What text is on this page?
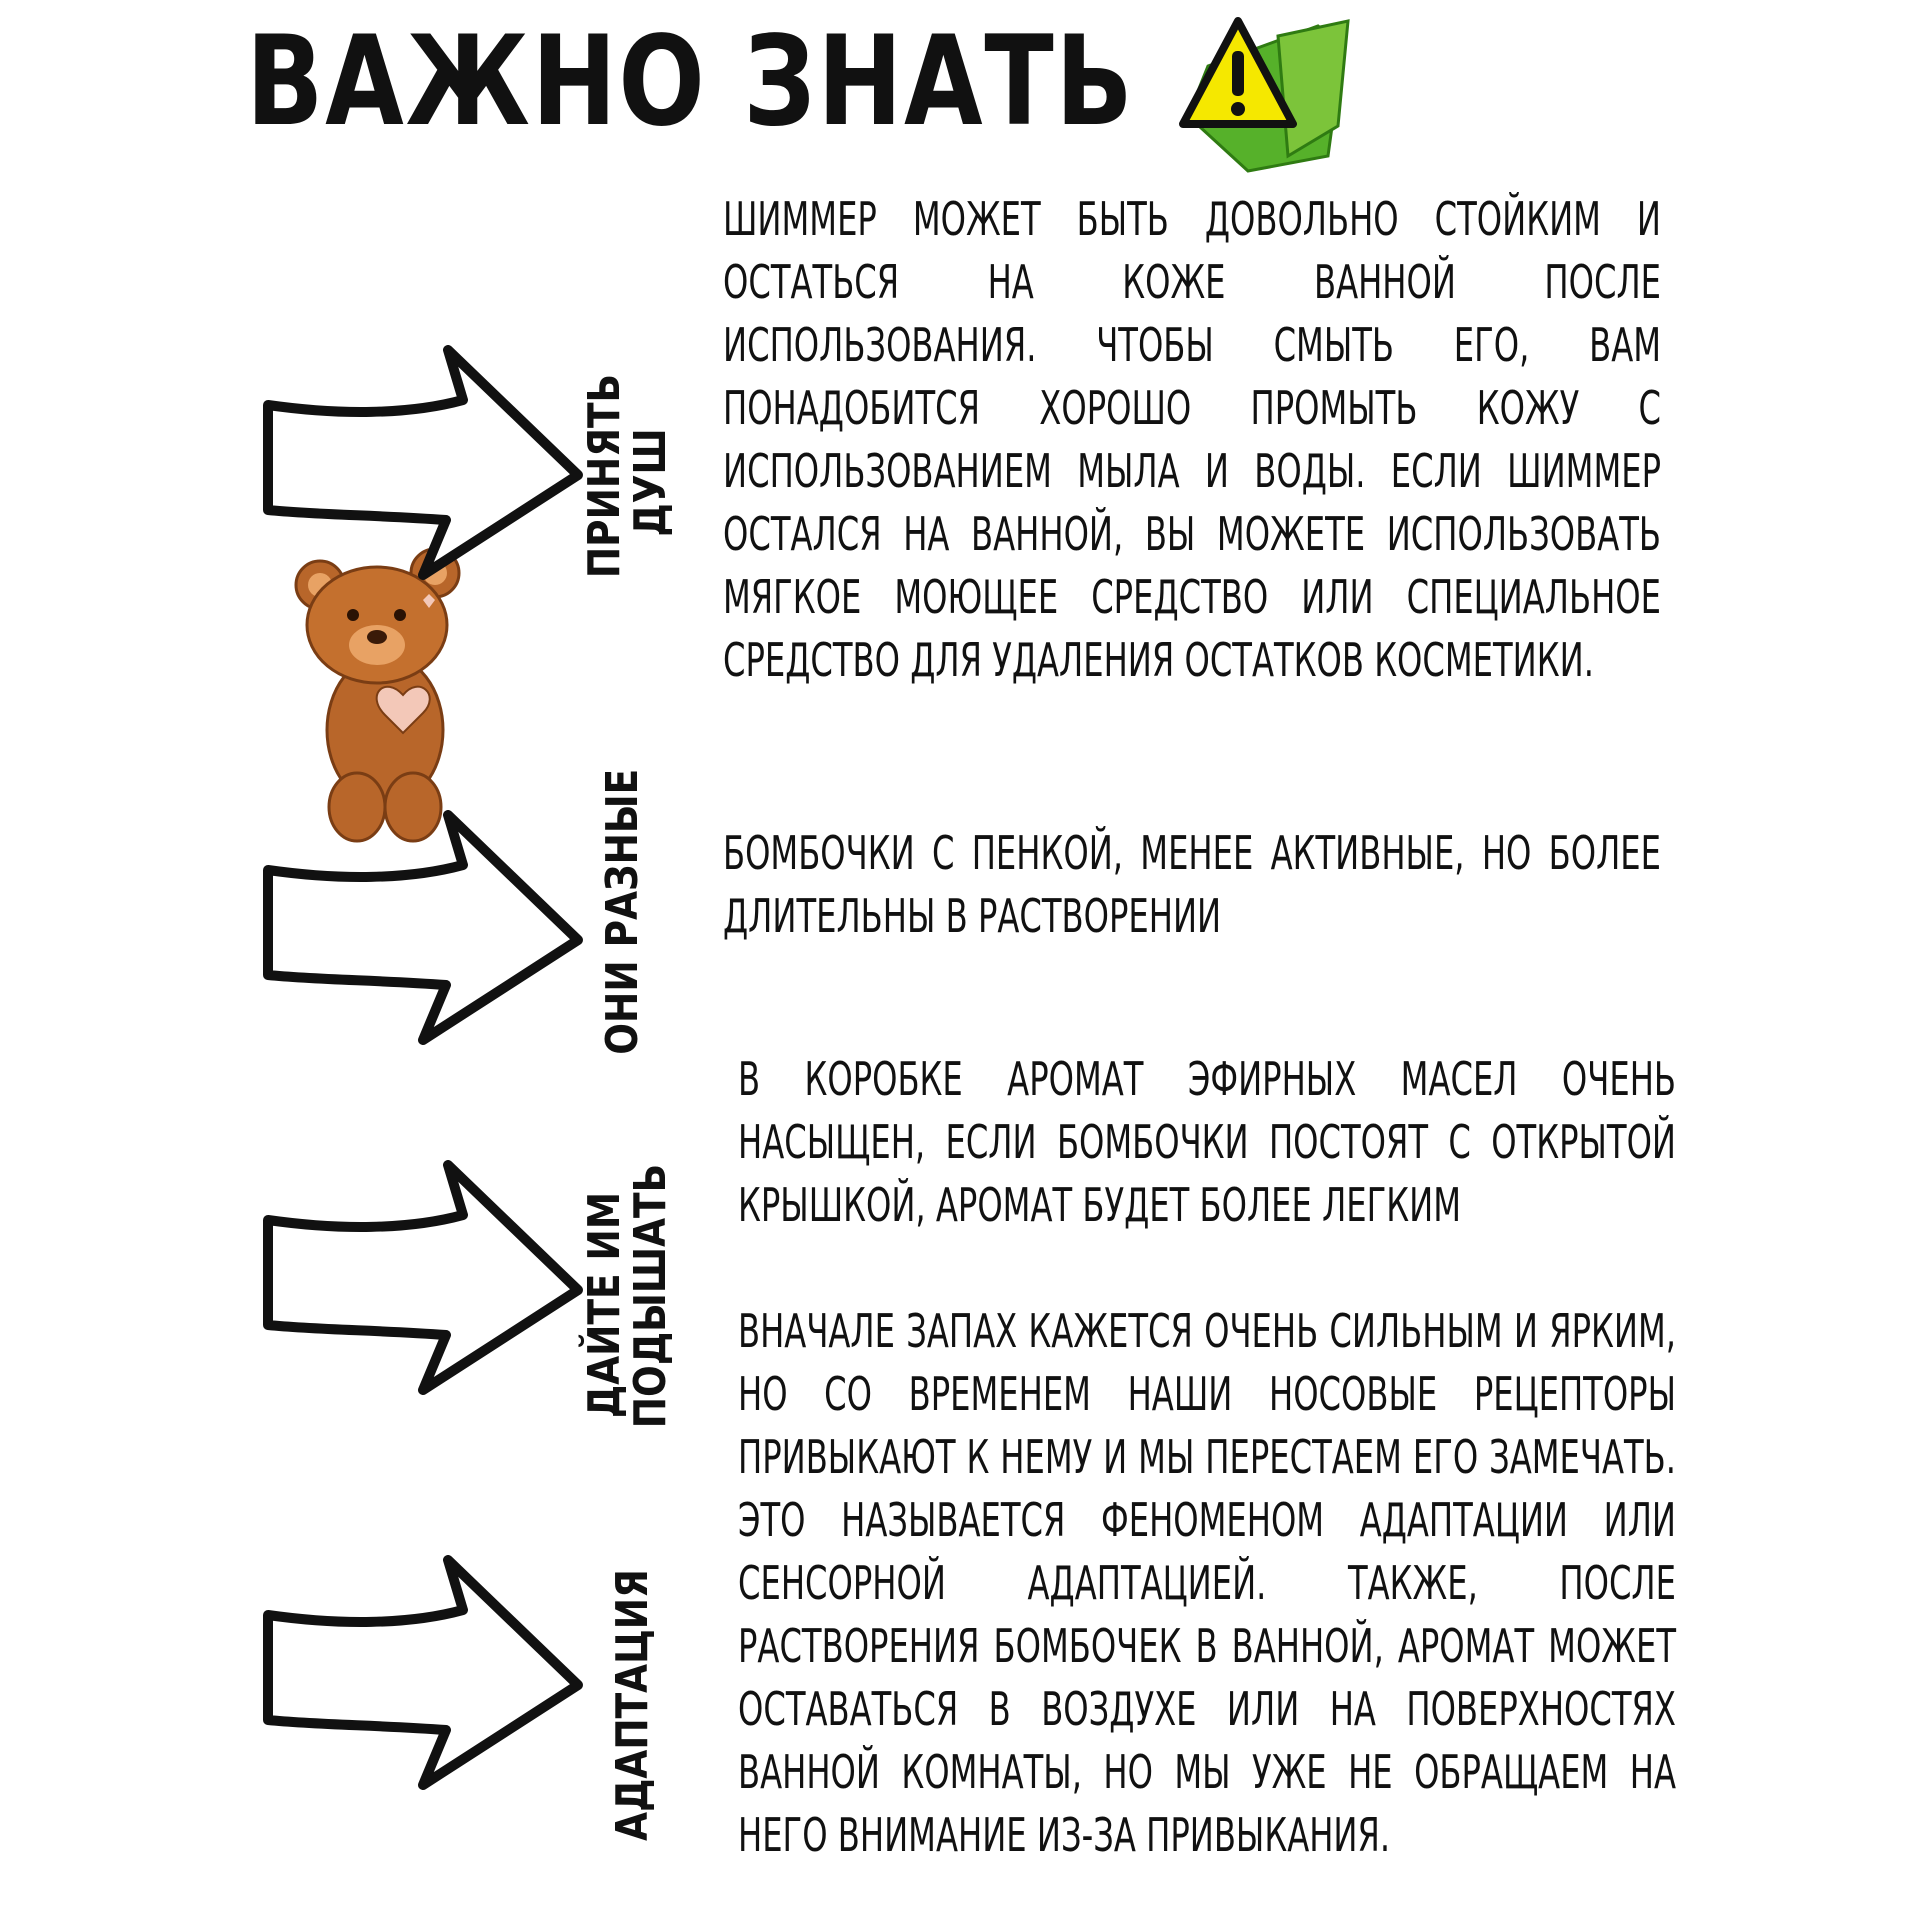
ВАЖНО ЗНАТЬ
ПРИНЯТЬ
ДУШ
ОНИ РАЗНЫЕ
ДАЙТЕ ИМ
ПОДЫШАТЬ
АДАПТАЦИЯ

ШИММЕР МОЖЕТ БЫТЬ ДОВОЛЬНО СТОЙКИМ И ОСТАТЬСЯ НА КОЖЕ ВАННОЙ ПОСЛЕ ИСПОЛЬЗОВАНИЯ. ЧТОБЫ СМЫТЬ ЕГО, ВАМ ПОНАДОБИТСЯ ХОРОШО ПРОМЫТЬ КОЖУ С ИСПОЛЬЗОВАНИЕМ МЫЛА И ВОДЫ. ЕСЛИ ШИММЕР ОСТАЛСЯ НА ВАННОЙ, ВЫ МОЖЕТЕ ИСПОЛЬЗОВАТЬ МЯГКОЕ МОЮЩЕЕ СРЕДСТВО ИЛИ СПЕЦИАЛЬНОЕ СРЕДСТВО ДЛЯ УДАЛЕНИЯ ОСТАТКОВ КОСМЕТИКИ.

БОМБОЧКИ С ПЕНКОЙ, МЕНЕЕ АКТИВНЫЕ, НО БОЛЕЕ ДЛИТЕЛЬНЫ В РАСТВОРЕНИИ

В КОРОБКЕ АРОМАТ ЭФИРНЫХ МАСЕЛ ОЧЕНЬ НАСЫЩЕН, ЕСЛИ БОМБОЧКИ ПОСТОЯТ С ОТКРЫТОЙ КРЫШКОЙ, АРОМАТ БУДЕТ БОЛЕЕ ЛЕГКИМ

ВНАЧАЛЕ ЗАПАХ КАЖЕТСЯ ОЧЕНЬ СИЛЬНЫМ И ЯРКИМ, НО СО ВРЕМЕНЕМ НАШИ НОСОВЫЕ РЕЦЕПТОРЫ ПРИВЫКАЮТ К НЕМУ И МЫ ПЕРЕСТАЕМ ЕГО ЗАМЕЧАТЬ. ЭТО НАЗЫВАЕТСЯ ФЕНОМЕНОМ АДАПТАЦИИ ИЛИ СЕНСОРНОЙ АДАПТАЦИЕЙ. ТАКЖЕ, ПОСЛЕ РАСТВОРЕНИЯ БОМБОЧЕК В ВАННОЙ, АРОМАТ МОЖЕТ ОСТАВАТЬСЯ В ВОЗДУХЕ ИЛИ НА ПОВЕРХНОСТЯХ ВАННОЙ КОМНАТЫ, НО МЫ УЖЕ НЕ ОБРАЩАЕМ НА НЕГО ВНИМАНИЕ ИЗ-ЗА ПРИВЫКАНИЯ.
